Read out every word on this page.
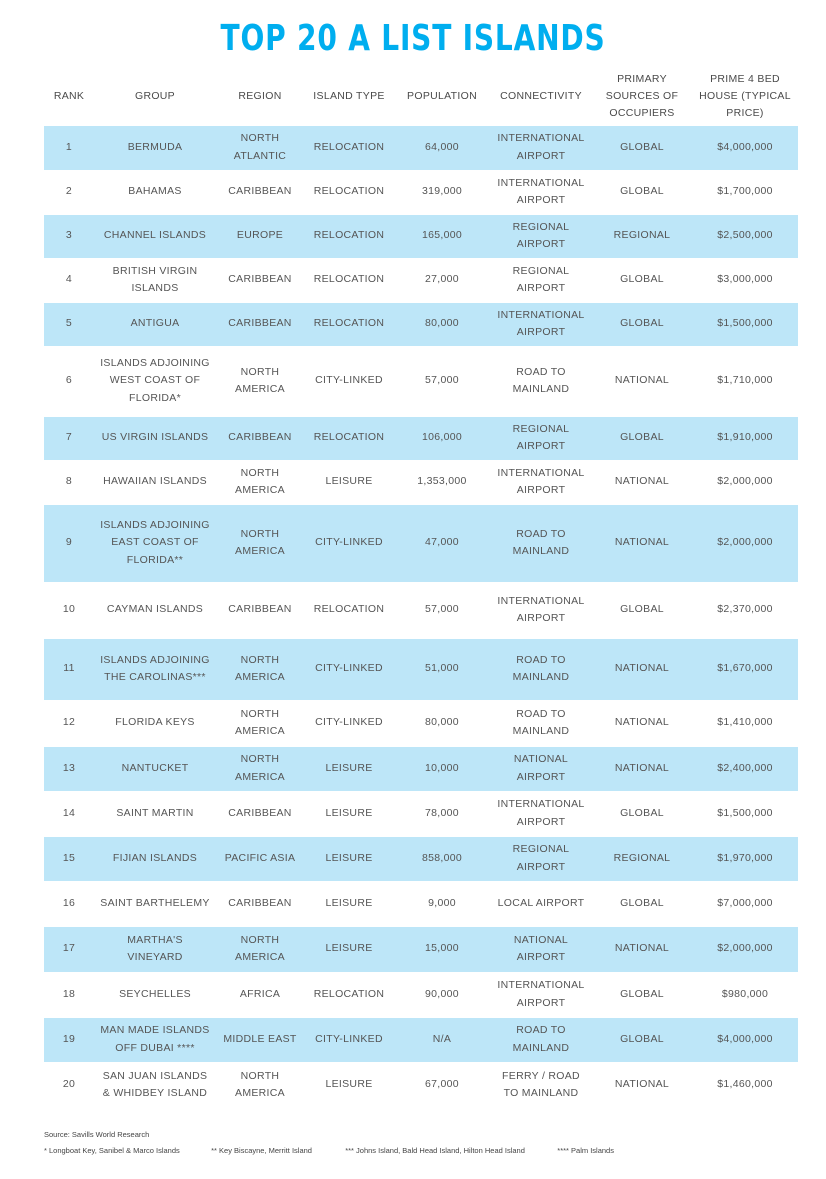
TOP 20 A LIST ISLANDS
RANK	GROUP	REGION	ISLAND TYPE	POPULATION	CONNECTIVITY	PRIMARY SOURCES OF OCCUPIERS	PRIME 4 BED HOUSE (TYPICAL PRICE)
1	BERMUDA	NORTH ATLANTIC	RELOCATION	64,000	INTERNATIONAL AIRPORT	GLOBAL	$4,000,000
2	BAHAMAS	CARIBBEAN	RELOCATION	319,000	INTERNATIONAL AIRPORT	GLOBAL	$1,700,000
3	CHANNEL ISLANDS	EUROPE	RELOCATION	165,000	REGIONAL AIRPORT	REGIONAL	$2,500,000
4	BRITISH VIRGIN ISLANDS	CARIBBEAN	RELOCATION	27,000	REGIONAL AIRPORT	GLOBAL	$3,000,000
5	ANTIGUA	CARIBBEAN	RELOCATION	80,000	INTERNATIONAL AIRPORT	GLOBAL	$1,500,000
6	ISLANDS ADJOINING WEST COAST OF FLORIDA*	NORTH AMERICA	CITY-LINKED	57,000	ROAD TO MAINLAND	NATIONAL	$1,710,000
7	US VIRGIN ISLANDS	CARIBBEAN	RELOCATION	106,000	REGIONAL AIRPORT	GLOBAL	$1,910,000
8	HAWAIIAN ISLANDS	NORTH AMERICA	LEISURE	1,353,000	INTERNATIONAL AIRPORT	NATIONAL	$2,000,000
9	ISLANDS ADJOINING EAST COAST OF FLORIDA**	NORTH AMERICA	CITY-LINKED	47,000	ROAD TO MAINLAND	NATIONAL	$2,000,000
10	CAYMAN ISLANDS	CARIBBEAN	RELOCATION	57,000	INTERNATIONAL AIRPORT	GLOBAL	$2,370,000
11	ISLANDS ADJOINING THE CAROLINAS***	NORTH AMERICA	CITY-LINKED	51,000	ROAD TO MAINLAND	NATIONAL	$1,670,000
12	FLORIDA KEYS	NORTH AMERICA	CITY-LINKED	80,000	ROAD TO MAINLAND	NATIONAL	$1,410,000
13	NANTUCKET	NORTH AMERICA	LEISURE	10,000	NATIONAL AIRPORT	NATIONAL	$2,400,000
14	SAINT MARTIN	CARIBBEAN	LEISURE	78,000	INTERNATIONAL AIRPORT	GLOBAL	$1,500,000
15	FIJIAN ISLANDS	PACIFIC ASIA	LEISURE	858,000	REGIONAL AIRPORT	REGIONAL	$1,970,000
16	SAINT BARTHELEMY	CARIBBEAN	LEISURE	9,000	LOCAL AIRPORT	GLOBAL	$7,000,000
17	MARTHA'S VINEYARD	NORTH AMERICA	LEISURE	15,000	NATIONAL AIRPORT	NATIONAL	$2,000,000
18	SEYCHELLES	AFRICA	RELOCATION	90,000	INTERNATIONAL AIRPORT	GLOBAL	$980,000
19	MAN MADE ISLANDS OFF DUBAI ****	MIDDLE EAST	CITY-LINKED	N/A	ROAD TO MAINLAND	GLOBAL	$4,000,000
20	SAN JUAN ISLANDS & WHIDBEY ISLAND	NORTH AMERICA	LEISURE	67,000	FERRY / ROAD TO MAINLAND	NATIONAL	$1,460,000
Source: Savills World Research
* Longboat Key, Sanibel & Marco Islands	** Key Biscayne, Merritt Island	*** Johns Island, Bald Head Island, Hilton Head Island	**** Palm Islands
